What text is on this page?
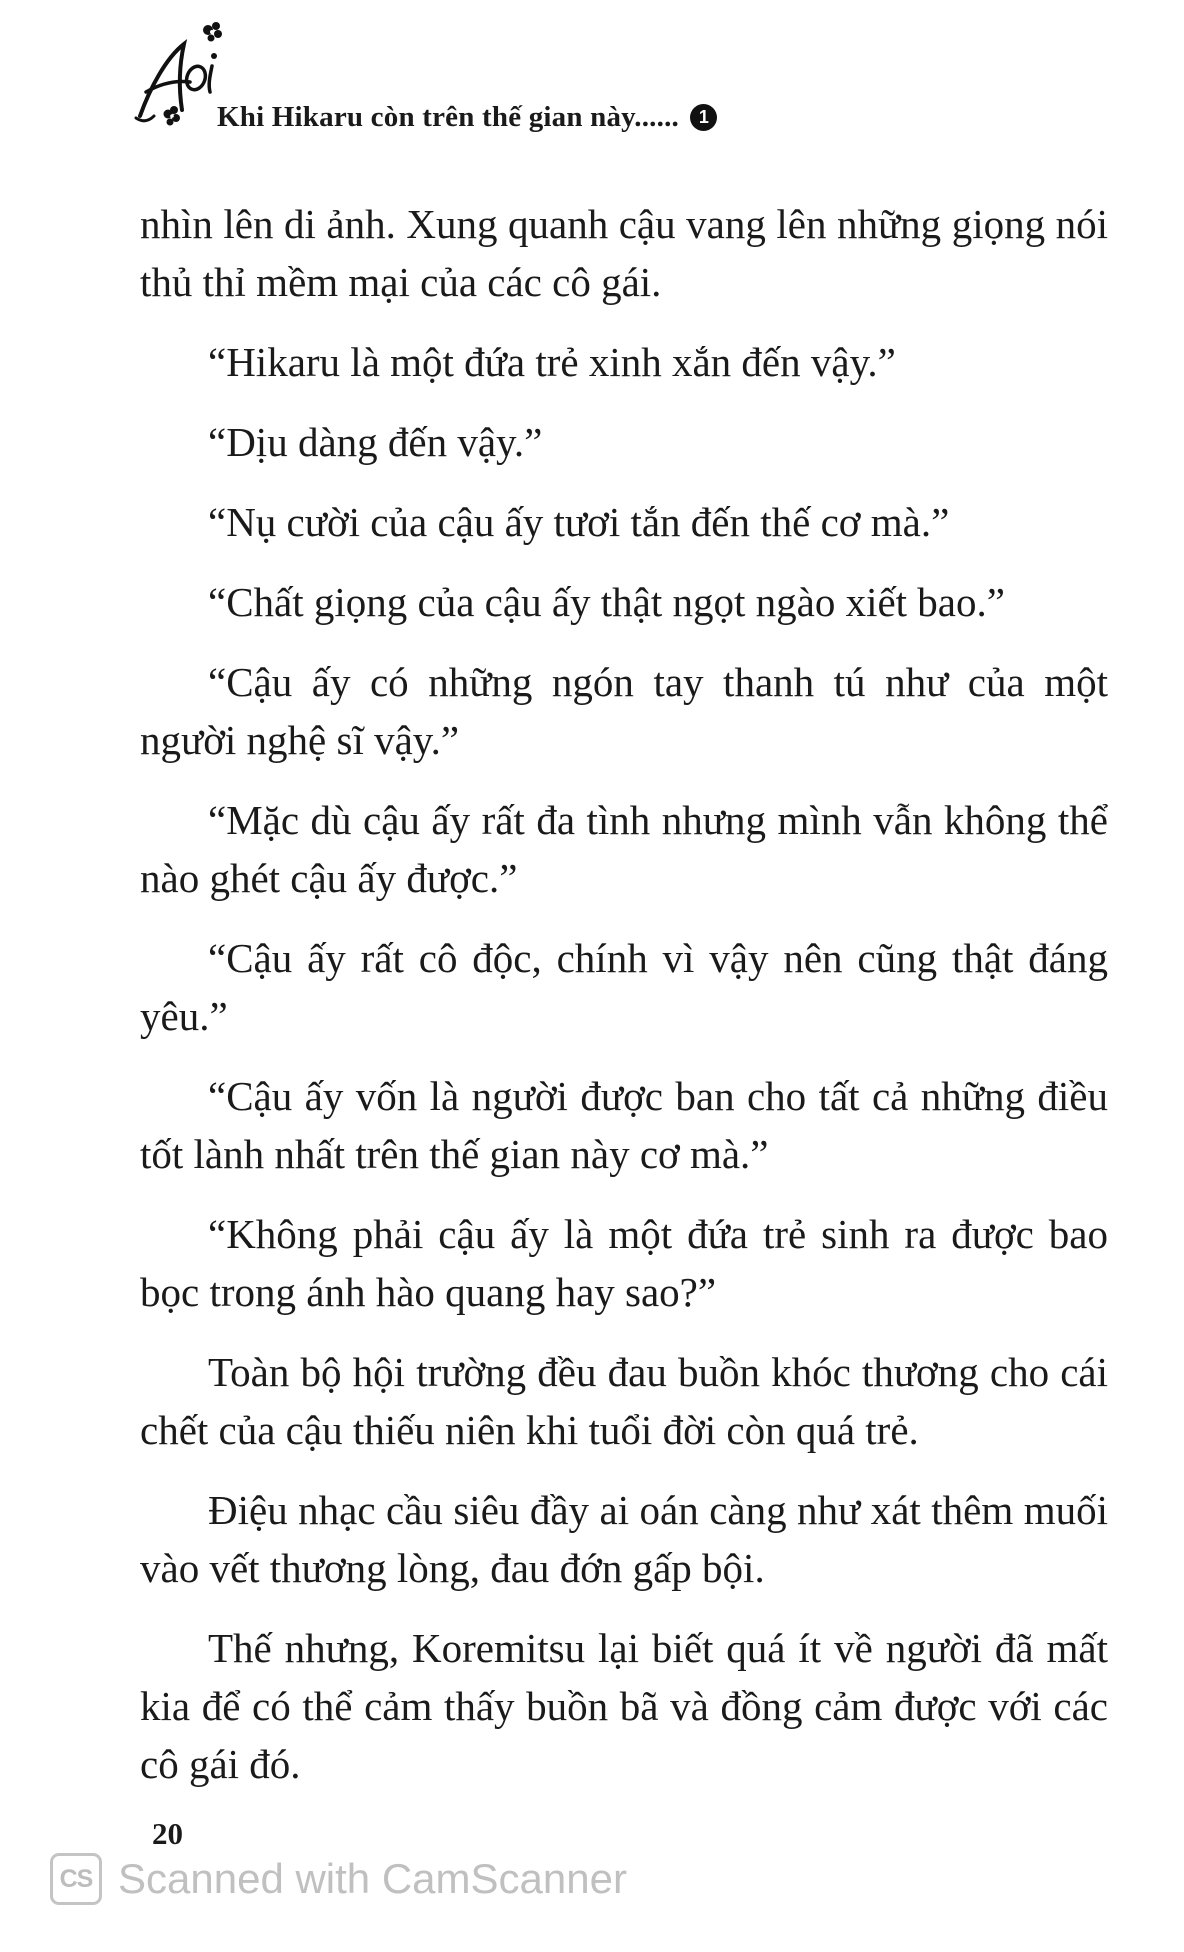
Khi Hikaru còn trên thế gian này...... 1

nhìn lên di ảnh. Xung quanh cậu vang lên những giọng nói thủ thỉ mềm mại của các cô gái.

“Hikaru là một đứa trẻ xinh xắn đến vậy.”

“Dịu dàng đến vậy.”

“Nụ cười của cậu ấy tươi tắn đến thế cơ mà.”

“Chất giọng của cậu ấy thật ngọt ngào xiết bao.”

“Cậu ấy có những ngón tay thanh tú như của một người nghệ sĩ vậy.”

“Mặc dù cậu ấy rất đa tình nhưng mình vẫn không thể nào ghét cậu ấy được.”

“Cậu ấy rất cô độc, chính vì vậy nên cũng thật đáng yêu.”

“Cậu ấy vốn là người được ban cho tất cả những điều tốt lành nhất trên thế gian này cơ mà.”

“Không phải cậu ấy là một đứa trẻ sinh ra được bao bọc trong ánh hào quang hay sao?”

Toàn bộ hội trường đều đau buồn khóc thương cho cái chết của cậu thiếu niên khi tuổi đời còn quá trẻ.

Điệu nhạc cầu siêu đầy ai oán càng như xát thêm muối vào vết thương lòng, đau đớn gấp bội.

Thế nhưng, Koremitsu lại biết quá ít về người đã mất kia để có thể cảm thấy buồn bã và đồng cảm được với các cô gái đó.

20
CS Scanned with CamScanner
